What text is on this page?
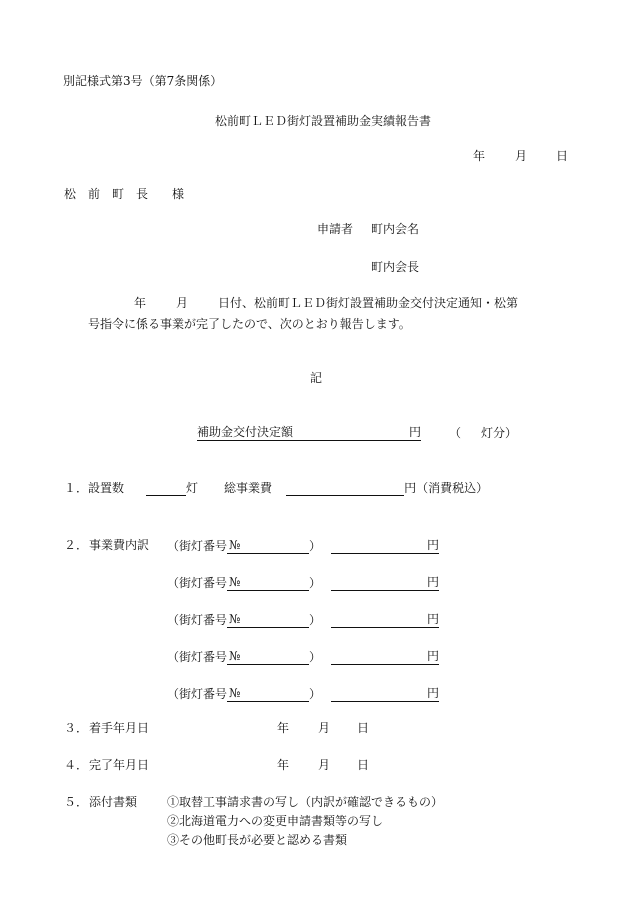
別記様式第3号（第7条関係）
松前町ＬＥＤ街灯設置補助金実績報告書
年 月 日
松　前　町　長　　様
申請者 町内会名
町内会長
年 月 日付、松前町ＬＥＤ街灯設置補助金交付決定通知・松第
号指令に係る事業が完了したので、次のとおり報告します。
記
補助金交付決定額	円 （ 灯分）
１． 設置数	灯 総事業費	円（消費税込）
２． 事業費内訳 （街灯番号 №	）	円
（街灯番号 №	）	円
（街灯番号 №	）	円
（街灯番号 №	）	円
（街灯番号 №	）	円
３． 着手年月日	年 月 日
４． 完了年月日	年 月 日
５． 添付書類 ①取替工事請求書の写し（内訳が確認できるもの）
②北海道電力への変更申請書類等の写し
③その他町長が必要と認める書類
